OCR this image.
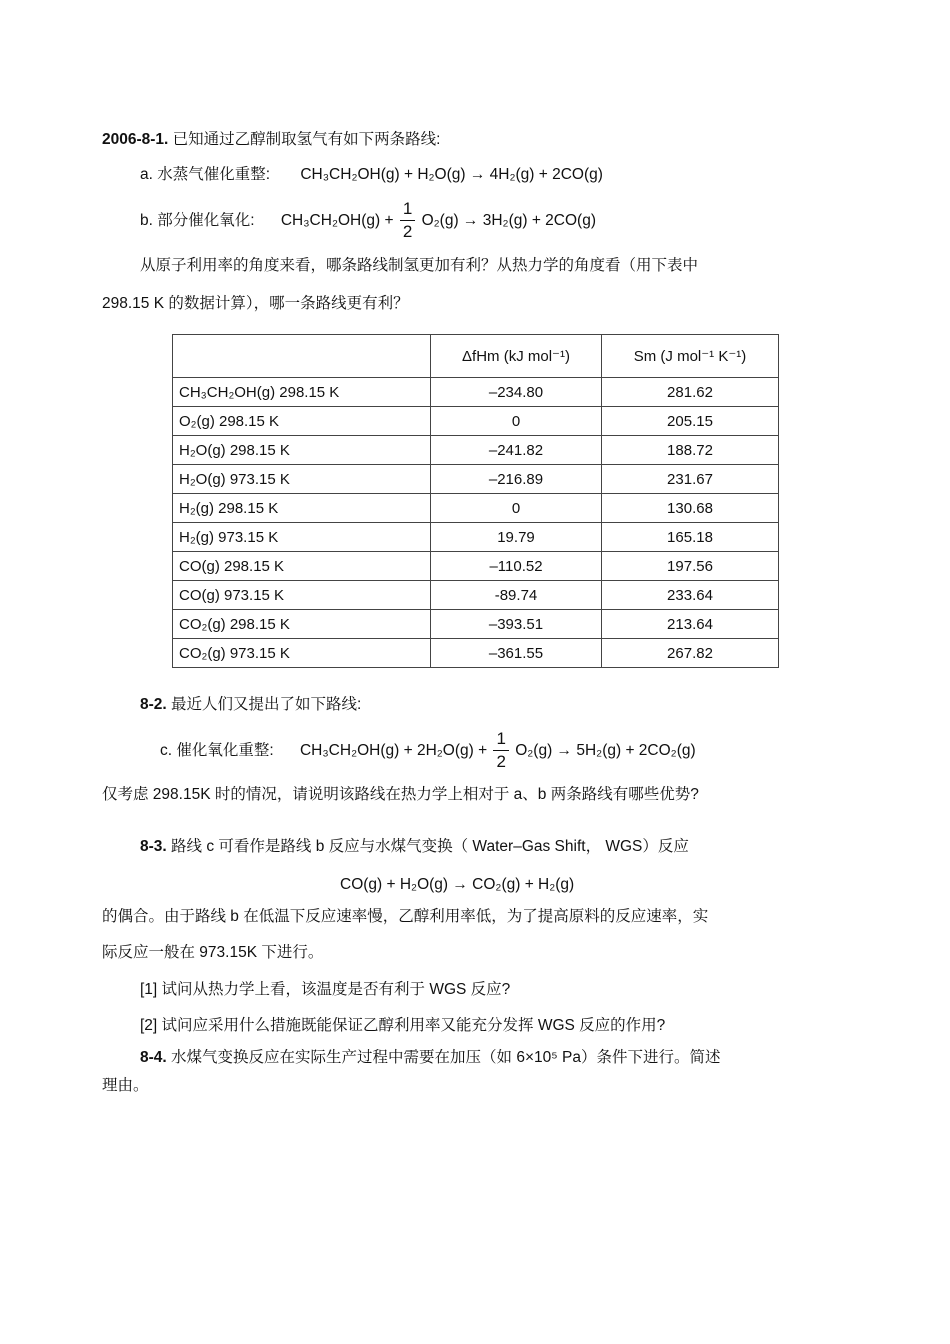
2006-8-1. 已知通过乙醇制取氢气有如下两条路线:
a. 水蒸气催化重整: CH₃CH₂OH(g) + H₂O(g) → 4H₂(g) + 2CO(g)
b. 部分催化氧化: $CH_3CH_2OH(g) + \frac{1}{2} O_2(g) \to 3H_2(g) + 2CO(g)$
从原子利用率的角度来看，哪条路线制氢更加有利？从热力学的角度看（用下表中
298.15 K 的数据计算），哪一条路线更有利？
	ΔfHm (kJ mol⁻¹)	Sm (J mol⁻¹ K⁻¹)
CH₃CH₂OH(g) 298.15 K	–234.80	281.62
O₂(g) 298.15 K	0	205.15
H₂O(g) 298.15 K	–241.82	188.72
H₂O(g) 973.15 K	–216.89	231.67
H₂(g) 298.15 K	0	130.68
H₂(g) 973.15 K	19.79	165.18
CO(g) 298.15 K	–110.52	197.56
CO(g) 973.15 K	-89.74	233.64
CO₂(g) 298.15 K	–393.51	213.64
CO₂(g) 973.15 K	–361.55	267.82
8-2. 最近人们又提出了如下路线:
c. 催化氧化重整: $CH_3CH_2OH(g) + 2H_2O(g) + \frac{1}{2} O_2(g) \to 5H_2(g) + 2CO_2(g)$
仅考虑 298.15K 时的情况，请说明该路线在热力学上相对于 a、b 两条路线有哪些优势?
8-3. 路线 c 可看作是路线 b 反应与水煤气变换（ Water–Gas Shift， WGS）反应
CO(g) + H₂O(g) → CO₂(g) + H₂(g)
的偶合。由于路线 b 在低温下反应速率慢，乙醇利用率低，为了提高原料的反应速率，实
际反应一般在 973.15K 下进行。
[1] 试问从热力学上看，该温度是否有利于 WGS 反应?
[2] 试问应采用什么措施既能保证乙醇利用率又能充分发挥 WGS 反应的作用?
8-4. 水煤气变换反应在实际生产过程中需要在加压（如 6×10⁵ Pa）条件下进行。简述
理由。
